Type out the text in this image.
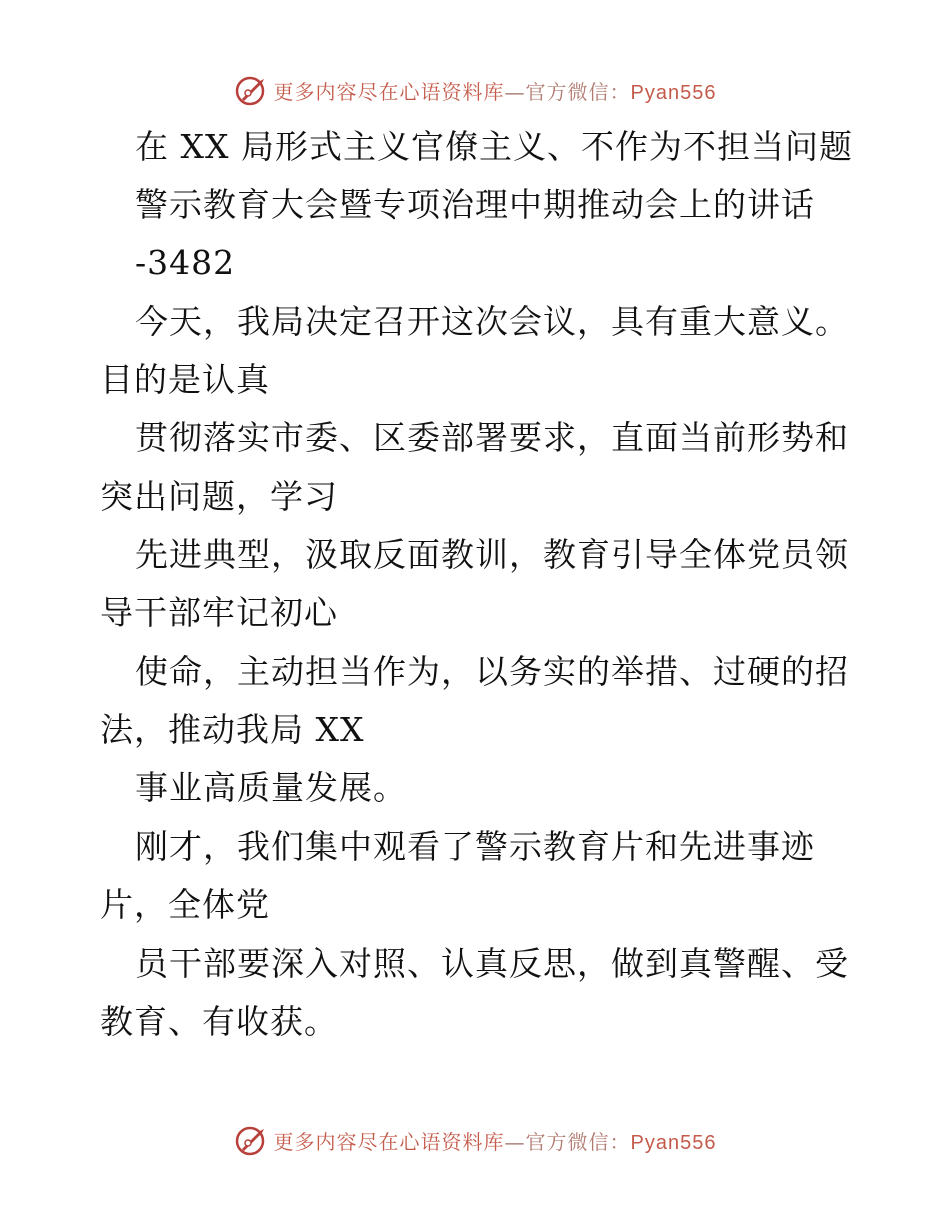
更多内容尽在心语资料库—官方微信：Pyan556
在 XX 局形式主义官僚主义、不作为不担当问题
警示教育大会暨专项治理中期推动会上的讲话
-3482
今天，我局决定召开这次会议，具有重大意义。
目的是认真
贯彻落实市委、区委部署要求，直面当前形势和
突出问题，学习
先进典型，汲取反面教训，教育引导全体党员领
导干部牢记初心
使命，主动担当作为，以务实的举措、过硬的招
法，推动我局 XX
事业高质量发展。
刚才，我们集中观看了警示教育片和先进事迹
片，全体党
员干部要深入对照、认真反思，做到真警醒、受
教育、有收获。
更多内容尽在心语资料库—官方微信：Pyan556
